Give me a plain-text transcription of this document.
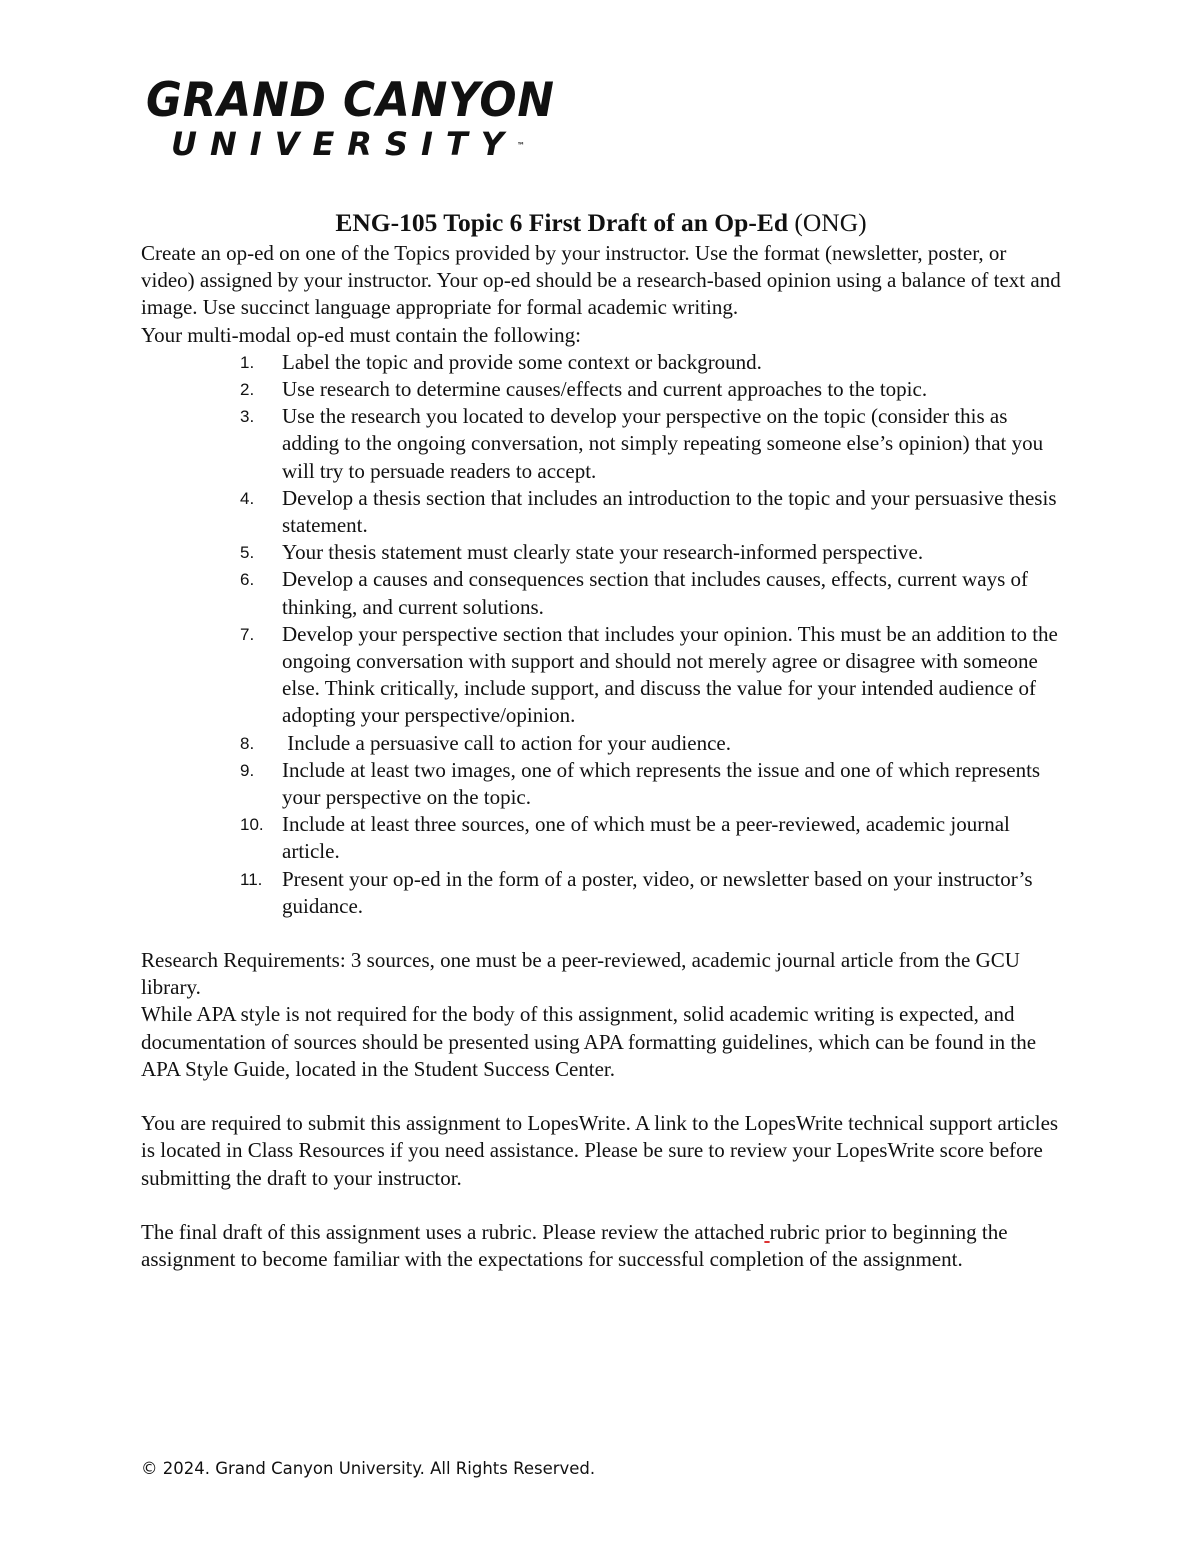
GRAND CANYON
UNIVERSITY™
ENG-105 Topic 6 First Draft of an Op-Ed (ONG)

Create an op-ed on one of the Topics provided by your instructor. Use the format (newsletter, poster, or video) assigned by your instructor. Your op-ed should be a research-based opinion using a balance of text and image. Use succinct language appropriate for formal academic writing.

Your multi-modal op-ed must contain the following:

1.	Label the topic and provide some context or background.
2.	Use research to determine causes/effects and current approaches to the topic.
3.	Use the research you located to develop your perspective on the topic (consider this as adding to the ongoing conversation, not simply repeating someone else’s opinion) that you will try to persuade readers to accept.
4.	Develop a thesis section that includes an introduction to the topic and your persuasive thesis statement.
5.	Your thesis statement must clearly state your research-informed perspective.
6.	Develop a causes and consequences section that includes causes, effects, current ways of thinking, and current solutions.
7.	Develop your perspective section that includes your opinion. This must be an addition to the ongoing conversation with support and should not merely agree or disagree with someone else. Think critically, include support, and discuss the value for your intended audience of adopting your perspective/opinion.
8.	Include a persuasive call to action for your audience.
9.	Include at least two images, one of which represents the issue and one of which represents your perspective on the topic.
10. Include at least three sources, one of which must be a peer-reviewed, academic journal article.
11. Present your op-ed in the form of a poster, video, or newsletter based on your instructor’s guidance.

Research Requirements: 3 sources, one must be a peer-reviewed, academic journal article from the GCU library.

While APA style is not required for the body of this assignment, solid academic writing is expected, and documentation of sources should be presented using APA formatting guidelines, which can be found in the APA Style Guide, located in the Student Success Center.

You are required to submit this assignment to LopesWrite. A link to the LopesWrite technical support articles is located in Class Resources if you need assistance. Please be sure to review your LopesWrite score before submitting the draft to your instructor.

The final draft of this assignment uses a rubric. Please review the attached rubric prior to beginning the assignment to become familiar with the expectations for successful completion of the assignment.

© 2024. Grand Canyon University. All Rights Reserved.
